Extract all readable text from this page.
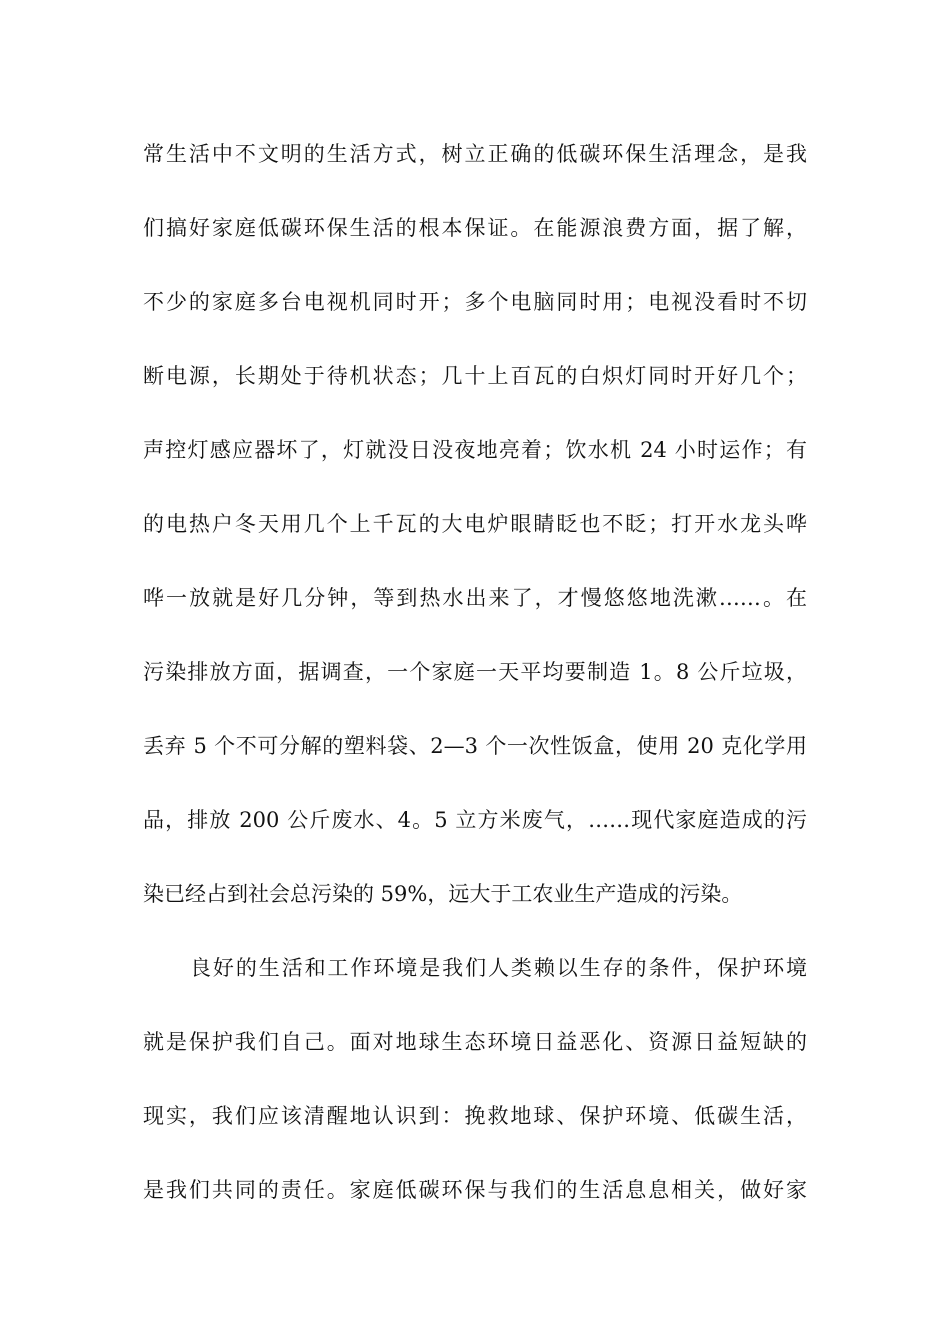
常生活中不文明的生活方式，树立正确的低碳环保生活理念，是我
们搞好家庭低碳环保生活的根本保证。在能源浪费方面，据了解，
不少的家庭多台电视机同时开；多个电脑同时用；电视没看时不切
断电源，长期处于待机状态；几十上百瓦的白炽灯同时开好几个；
声控灯感应器坏了，灯就没日没夜地亮着；饮水机 24 小时运作；有
的电热户冬天用几个上千瓦的大电炉眼睛眨也不眨；打开水龙头哗
哗一放就是好几分钟，等到热水出来了，才慢悠悠地洗漱……。在
污染排放方面，据调查，一个家庭一天平均要制造 1。8 公斤垃圾，
丢弃 5 个不可分解的塑料袋、2—3 个一次性饭盒，使用 20 克化学用
品，排放 200 公斤废水、4。5 立方米废气，……现代家庭造成的污
染已经占到社会总污染的 59%，远大于工农业生产造成的污染。
良好的生活和工作环境是我们人类赖以生存的条件，保护环境
就是保护我们自己。面对地球生态环境日益恶化、资源日益短缺的
现实，我们应该清醒地认识到：挽救地球、保护环境、低碳生活，
是我们共同的责任。家庭低碳环保与我们的生活息息相关，做好家
